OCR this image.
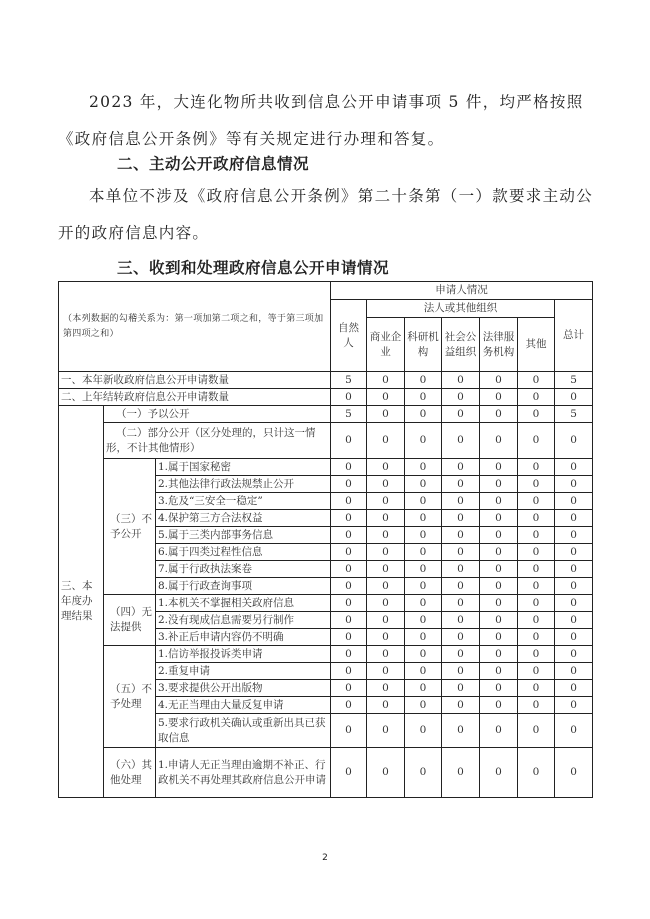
2023 年，大连化物所共收到信息公开申请事项 5 件，均严格按照《政府信息公开条例》等有关规定进行办理和答复。
二、主动公开政府信息情况
本单位不涉及《政府信息公开条例》第二十条第（一）款要求主动公开的政府信息内容。
三、收到和处理政府信息公开申请情况
（本列数据的勾稽关系为：第一项加第二项之和，等于第三项加第四项之和）			申请人情况						
			自然人	法人或其他组织					总计
				商业企业	科研机构	社会公益组织	法律服务机构	其他	
一、本年新收政府信息公开申请数量			5	0	0	0	0	0	5
二、上年结转政府信息公开申请数量			0	0	0	0	0	0	0
三、本年度办理结果	（一）予以公开		5	0	0	0	0	0	5
	（二）部分公开（区分处理的，只计这一情形，不计其他情形）		0	0	0	0	0	0	0
	（三）不予公开	1.属于国家秘密	0	0	0	0	0	0	0
		2.其他法律行政法规禁止公开	0	0	0	0	0	0	0
		3.危及“三安全一稳定”	0	0	0	0	0	0	0
		4.保护第三方合法权益	0	0	0	0	0	0	0
		5.属于三类内部事务信息	0	0	0	0	0	0	0
		6.属于四类过程性信息	0	0	0	0	0	0	0
		7.属于行政执法案卷	0	0	0	0	0	0	0
		8.属于行政查询事项	0	0	0	0	0	0	0
	（四）无法提供	1.本机关不掌握相关政府信息	0	0	0	0	0	0	0
		2.没有现成信息需要另行制作	0	0	0	0	0	0	0
		3.补正后申请内容仍不明确	0	0	0	0	0	0	0
	（五）不予处理	1.信访举报投诉类申请	0	0	0	0	0	0	0
		2.重复申请	0	0	0	0	0	0	0
		3.要求提供公开出版物	0	0	0	0	0	0	0
		4.无正当理由大量反复申请	0	0	0	0	0	0	0
		5.要求行政机关确认或重新出具已获取信息	0	0	0	0	0	0	0
	（六）其他处理	1.申请人无正当理由逾期不补正、行政机关不再处理其政府信息公开申请	0	0	0	0	0	0	0
2
